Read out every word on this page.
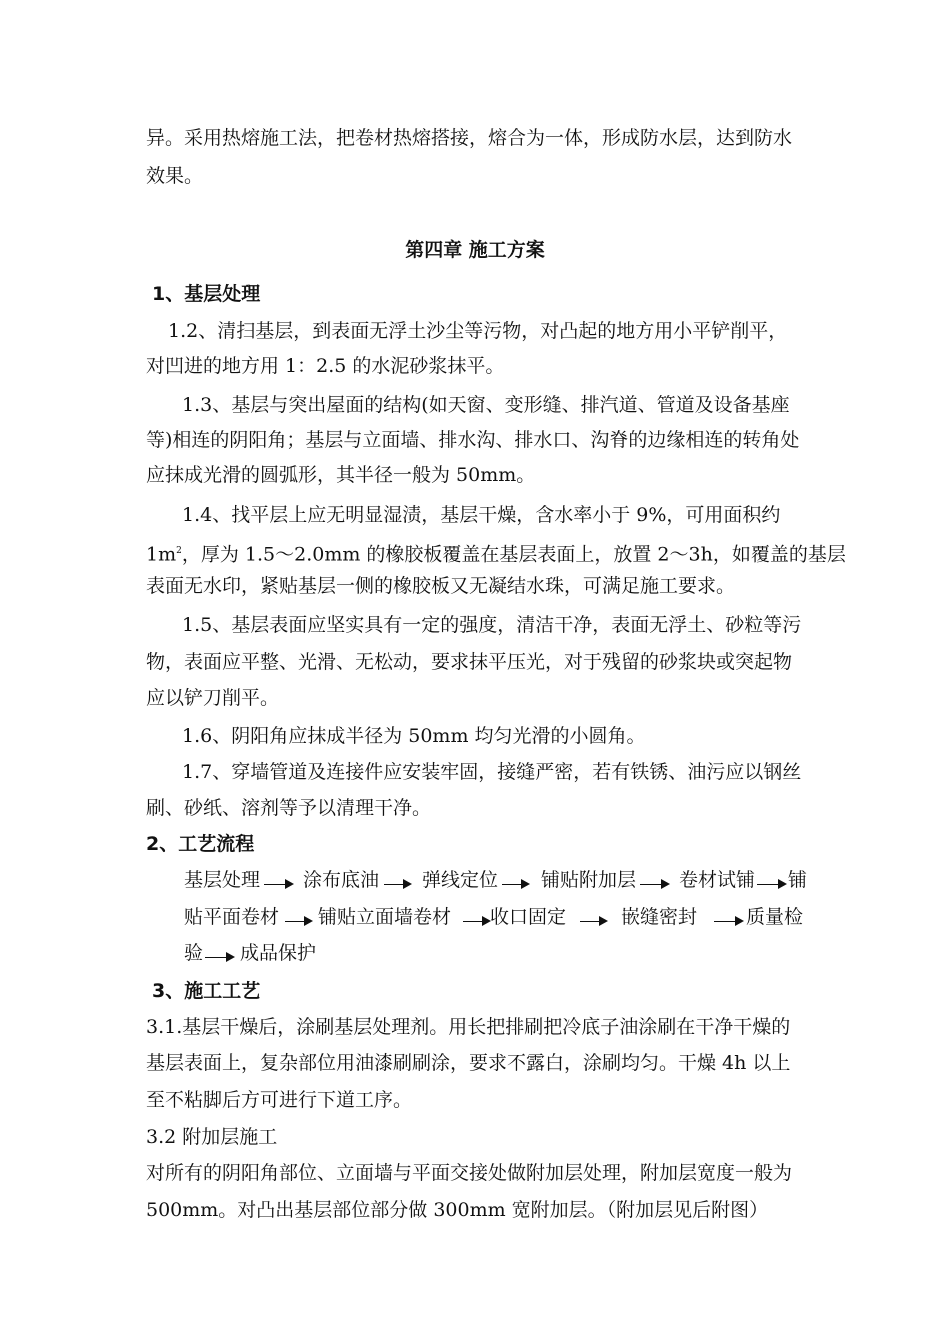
异。采用热熔施工法，把卷材热熔搭接，熔合为一体，形成防水层，达到防水
效果。
第四章 施工方案
1、基层处理
1.2、清扫基层，到表面无浮土沙尘等污物，对凸起的地方用小平铲削平，
对凹进的地方用 1：2.5 的水泥砂浆抹平。
1.3、基层与突出屋面的结构(如天窗、变形缝、排汽道、管道及设备基座
等)相连的阴阳角；基层与立面墙、排水沟、排水口、沟脊的边缘相连的转角处
应抹成光滑的圆弧形，其半径一般为 50mm。
1.4、找平层上应无明显湿渍，基层干燥，含水率小于 9%，可用面积约
$1m^2$，厚为 1.5～2.0mm 的橡胶板覆盖在基层表面上，放置 2～3h，如覆盖的基层
表面无水印，紧贴基层一侧的橡胶板又无凝结水珠，可满足施工要求。
1.5、基层表面应坚实具有一定的强度，清洁干净，表面无浮土、砂粒等污
物，表面应平整、光滑、无松动，要求抹平压光，对于残留的砂浆块或突起物
应以铲刀削平。
1.6、阴阳角应抹成半径为 50mm 均匀光滑的小圆角。
1.7、穿墙管道及连接件应安装牢固，接缝严密，若有铁锈、油污应以钢丝
刷、砂纸、溶剂等予以清理干净。
2、工艺流程
基层处理 涂布底油 弹线定位 铺贴附加层 卷材试铺 铺
贴平面卷材 铺贴立面墙卷材 收口固定	嵌缝密封	质量检
验 成品保护
3、施工工艺
3.1.基层干燥后，涂刷基层处理剂。用长把排刷把冷底子油涂刷在干净干燥的
基层表面上，复杂部位用油漆刷刷涂，要求不露白，涂刷均匀。干燥 4h 以上
至不粘脚后方可进行下道工序。
3.2 附加层施工
对所有的阴阳角部位、立面墙与平面交接处做附加层处理，附加层宽度一般为
500mm。对凸出基层部位部分做 300mm 宽附加层。（附加层见后附图）
